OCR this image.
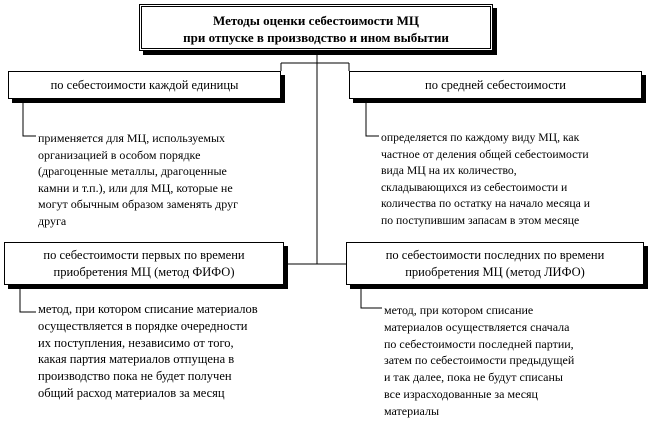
Методы оценки себестоимости МЦ
при отпуске в производство и ином выбытии
по себестоимости каждой единицы	по средней себестоимости
по себестоимости первых по времени
приобретения МЦ (метод ФИФО)
по себестоимости последних по времени
приобретения МЦ (метод ЛИФО)
применяется для МЦ, используемых
организацией в особом порядке
(драгоценные металлы, драгоценные
камни и т.п.), или для МЦ, которые не
могут обычным образом заменять друг
друга
определяется по каждому виду МЦ, как
частное от деления общей себестоимости
вида МЦ на их количество,
складывающихся из себестоимости и
количества по остатку на начало месяца и
по поступившим запасам в этом месяце
метод, при котором списание материалов
осуществляется в порядке очередности
их поступления, независимо от того,
какая партия материалов отпущена в
производство пока не будет получен
общий расход материалов за месяц
метод, при котором списание
материалов осуществляется сначала
по себестоимости последней партии,
затем по себестоимости предыдущей
и так далее, пока не будут списаны
все израсходованные за месяц
материалы
